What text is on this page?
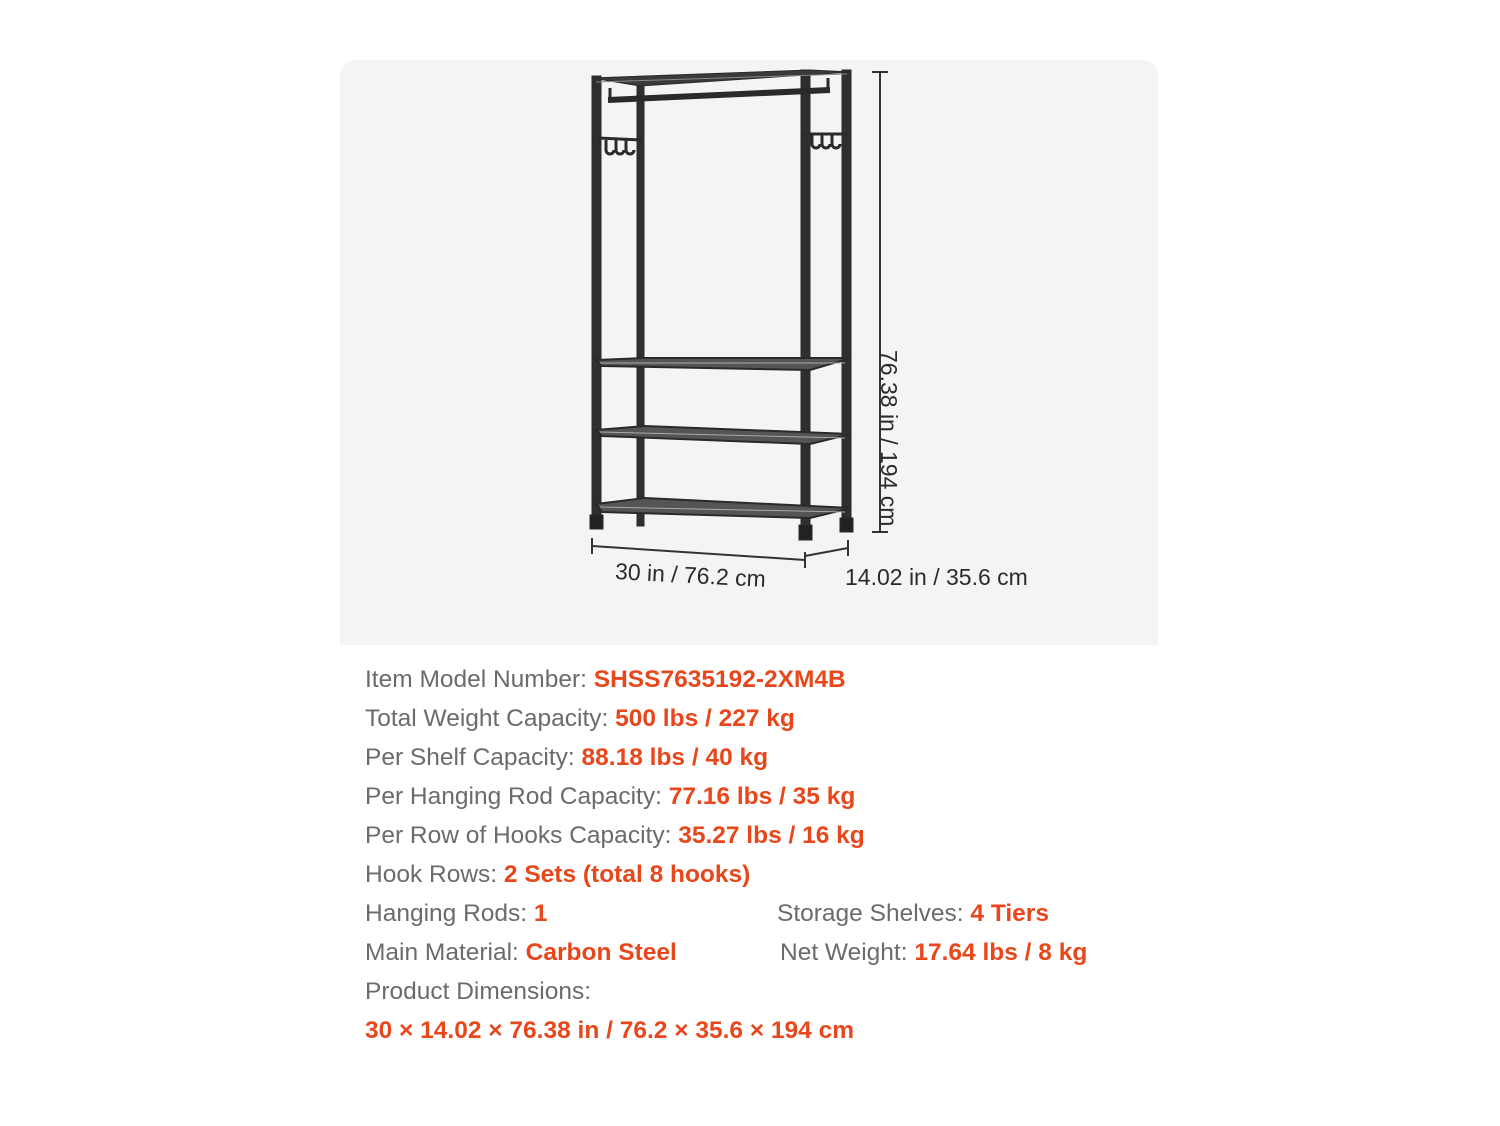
30 in / 76.2 cm	14.02 in / 35.6 cm
76.38 in / 194 cm
Item Model Number: SHSS7635192-2XM4B
Total Weight Capacity: 500 lbs / 227 kg
Per Shelf Capacity: 88.18 lbs / 40 kg
Per Hanging Rod Capacity: 77.16 lbs / 35 kg
Per Row of Hooks Capacity: 35.27 lbs / 16 kg
Hook Rows: 2 Sets (total 8 hooks)
Hanging Rods: 1	Storage Shelves: 4 Tiers
Main Material: Carbon Steel	Net Weight: 17.64 lbs / 8 kg
Product Dimensions:
30 × 14.02 × 76.38 in / 76.2 × 35.6 × 194 cm
